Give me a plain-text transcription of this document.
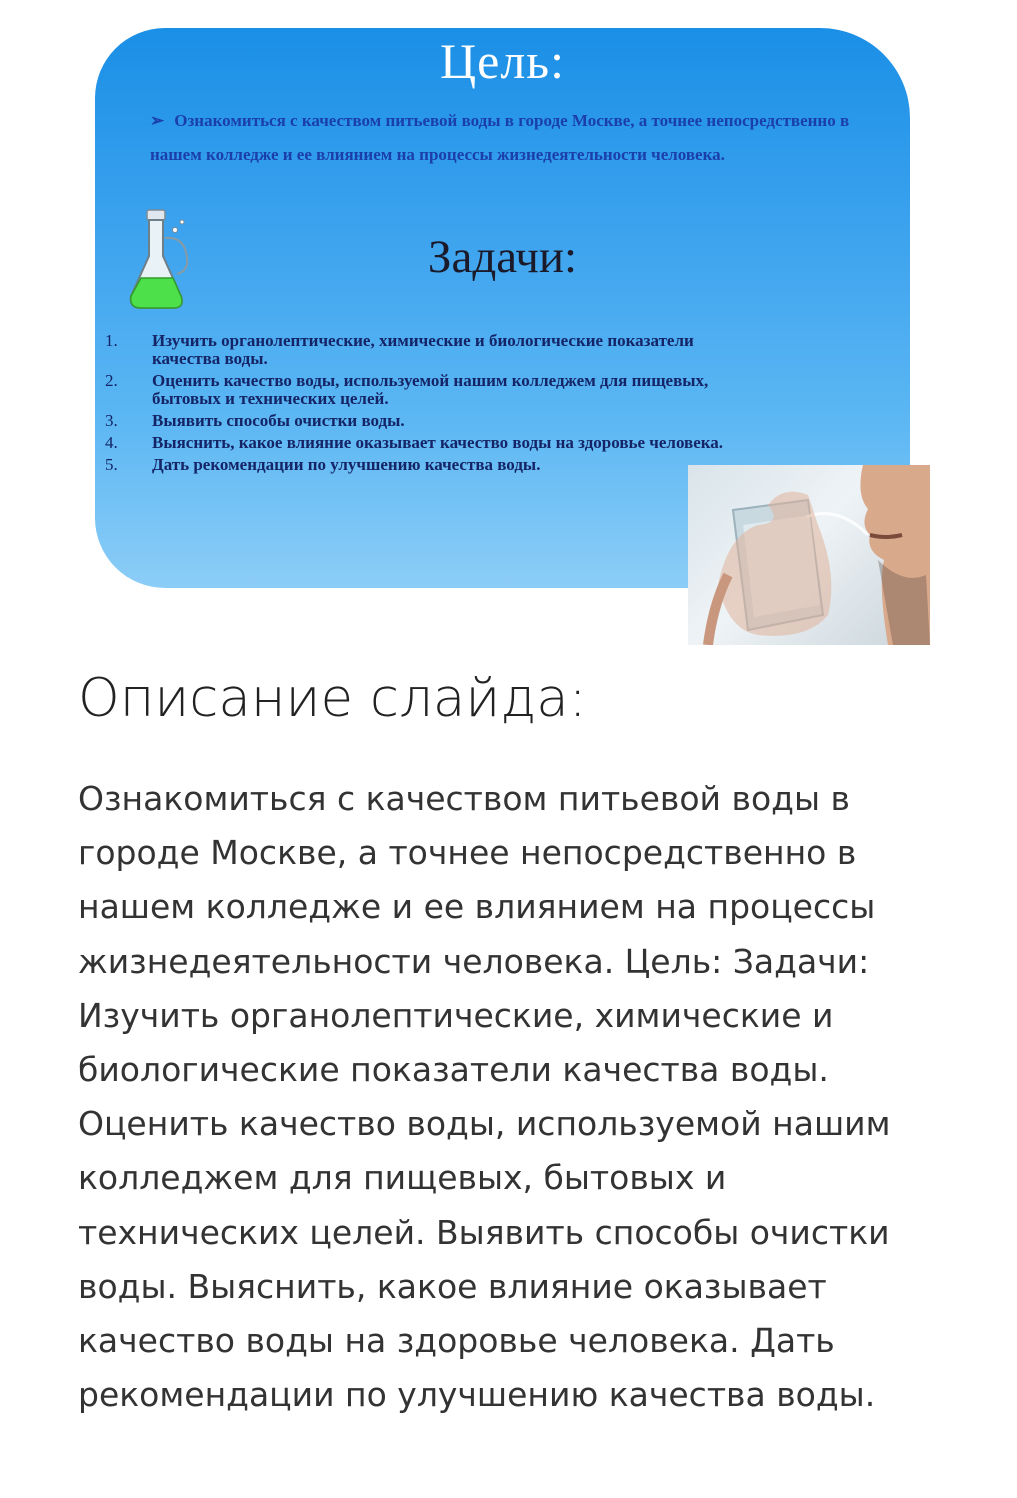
Цель:
➢ Ознакомиться с качеством питьевой воды в городе Москве, а точнее непосредственно в нашем колледже и ее влиянием на процессы жизнедеятельности человека.
Задачи:
1.	Изучить органолептические, химические и биологические показатели качества воды.
2.	Оценить качество воды, используемой нашим колледжем для пищевых, бытовых и технических целей.
3.	Выявить способы очистки воды.
4.	Выяснить, какое влияние оказывает качество воды на здоровье человека.
5.	Дать рекомендации по улучшению качества воды.
Описание слайда:

Ознакомиться с качеством питьевой воды в городе Москве, а точнее непосредственно в нашем колледже и ее влиянием на процессы жизнедеятельности человека. Цель: Задачи: Изучить органолептические, химические и биологические показатели качества воды. Оценить качество воды, используемой нашим колледжем для пищевых, бытовых и технических целей. Выявить способы очистки воды. Выяснить, какое влияние оказывает качество воды на здоровье человека. Дать рекомендации по улучшению качества воды.
